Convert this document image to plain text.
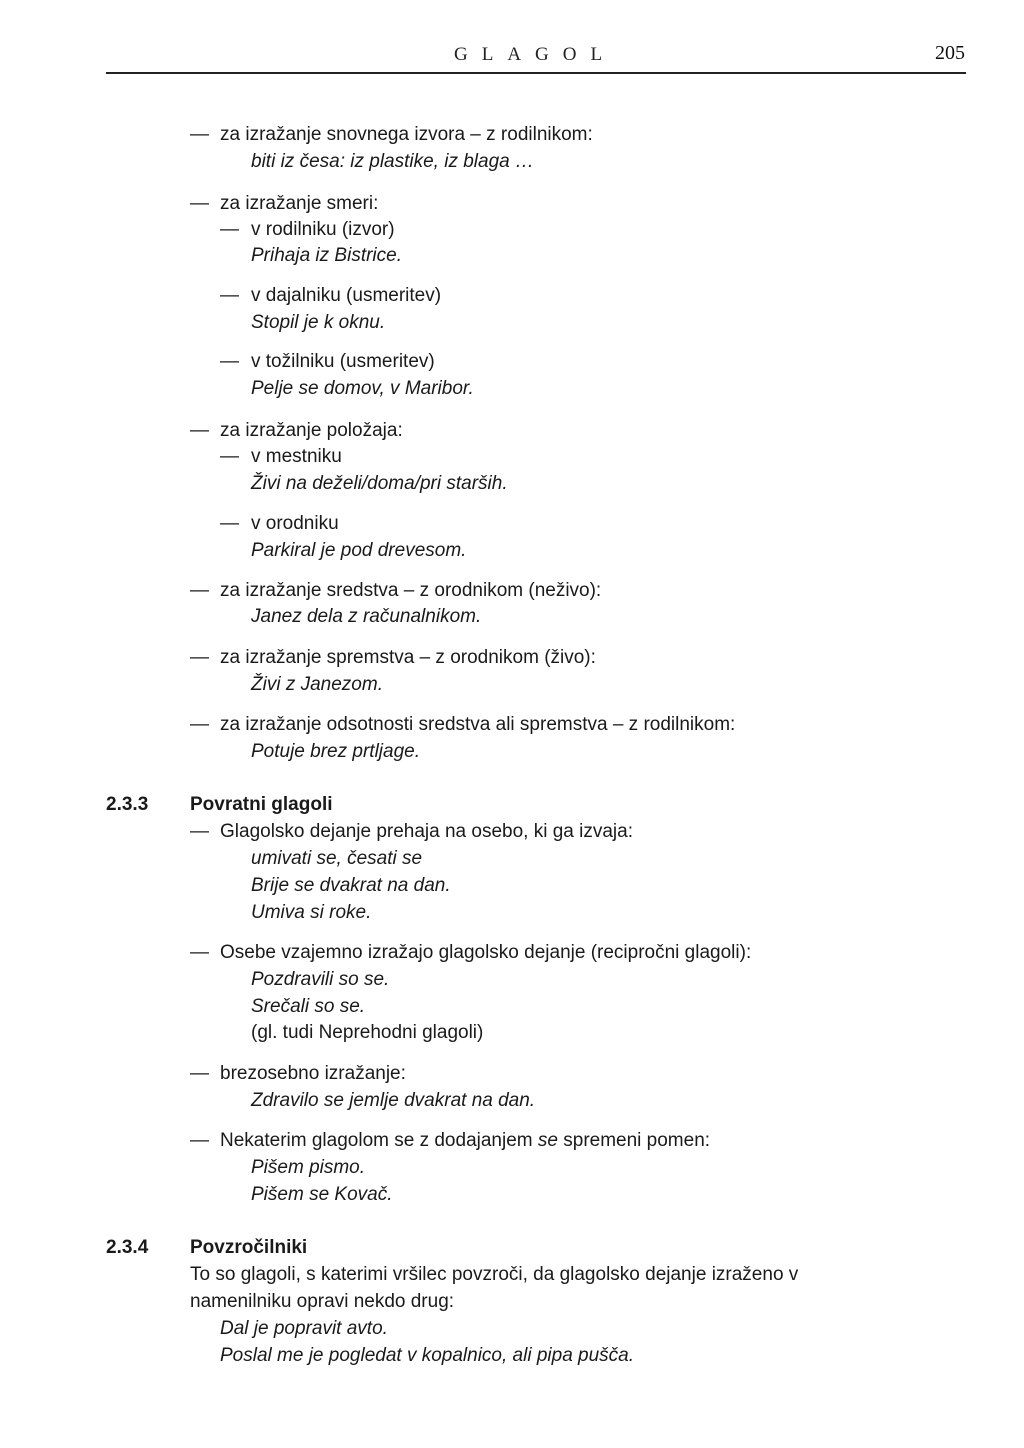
GLAGOL	205
— za izražanje snovnega izvora – z rodilnikom:
biti iz česa: iz plastike, iz blaga …
— za izražanje smeri:
— v rodilniku (izvor)
Prihaja iz Bistrice.
— v dajalniku (usmeritev)
Stopil je k oknu.
— v tožilniku (usmeritev)
Pelje se domov, v Maribor.
— za izražanje položaja:
— v mestniku
Živi na deželi/doma/pri starših.
— v orodniku
Parkiral je pod drevesom.
— za izražanje sredstva – z orodnikom (neživo):
Janez dela z računalnikom.
— za izražanje spremstva – z orodnikom (živo):
Živi z Janezom.
— za izražanje odsotnosti sredstva ali spremstva – z rodilnikom:
Potuje brez prtljage.
2.3.3 Povratni glagoli
— Glagolsko dejanje prehaja na osebo, ki ga izvaja:
umivati se, česati se
Brije se dvakrat na dan.
Umiva si roke.
— Osebe vzajemno izražajo glagolsko dejanje (recipročni glagoli):
Pozdravili so se.
Srečali so se.
(gl. tudi Neprehodni glagoli)
— brezosebno izražanje:
Zdravilo se jemlje dvakrat na dan.
— Nekaterim glagolom se z dodajanjem se spremeni pomen:
Pišem pismo.
Pišem se Kovač.
2.3.4 Povzročilniki
To so glagoli, s katerimi vršilec povzroči, da glagolsko dejanje izraženo v
namenilniku opravi nekdo drug:
Dal je popravit avto.
Poslal me je pogledat v kopalnico, ali pipa pušča.
